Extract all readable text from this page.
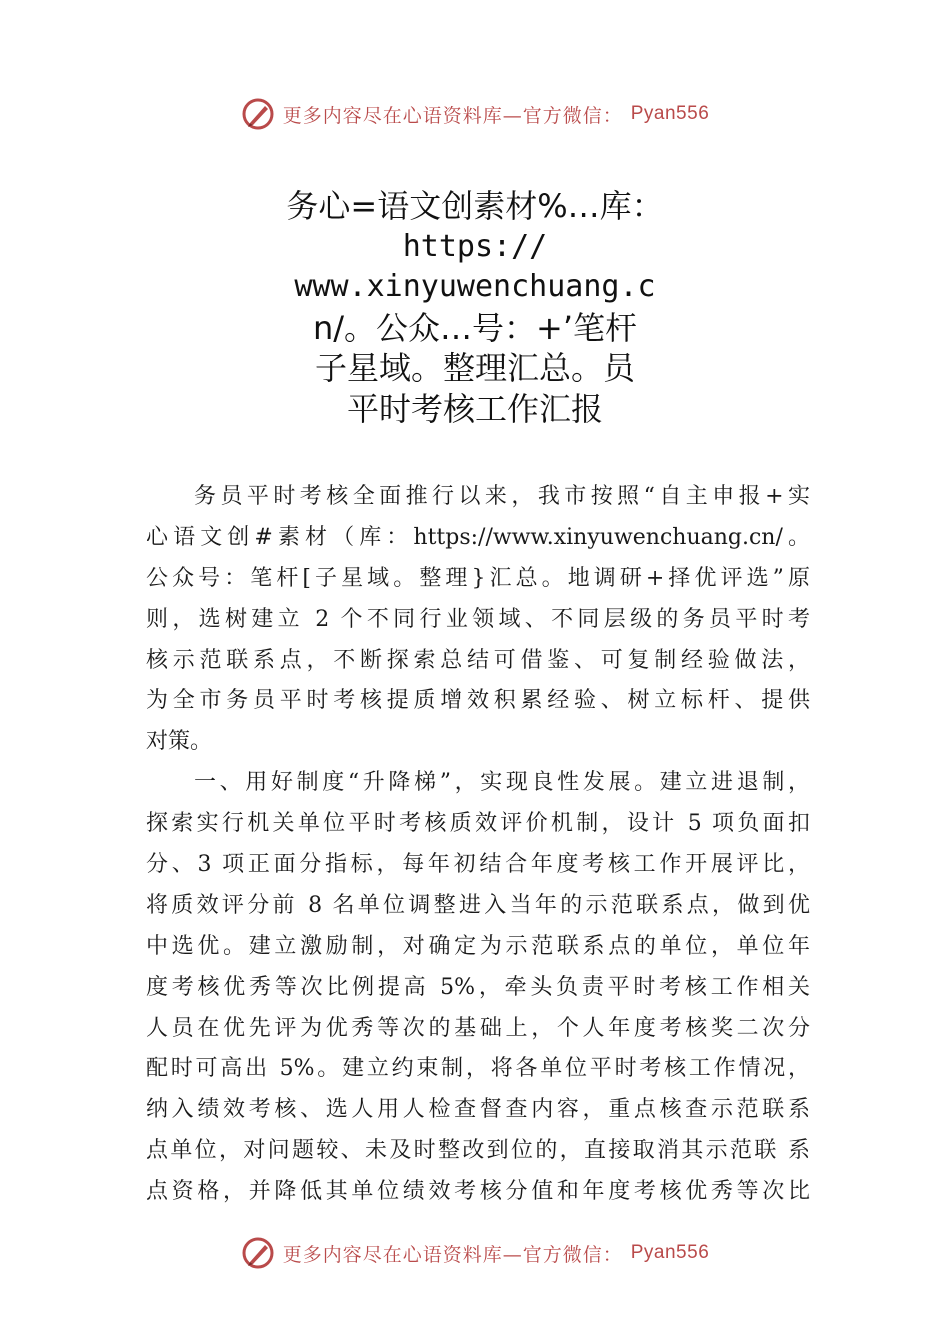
更多内容尽在心语资料库—官方微信： Pyan556
务心=语文创素材%…库：
https://
www.xinyuwenchuang.c
n/。公众…号：+’笔杆
子星域。整理汇总。员
平时考核工作汇报
务员平时考核全面推行以来，我市按照“自主申报+实
心语文创#素材（库：https://www.xinyuwenchuang.cn/。
公众号：笔杆[子星域。整理}汇总。地调研+择优评选”原
则，选树建立 2 个不同行业领域、不同层级的务员平时考
核示范联系点，不断探索总结可借鉴、可复制经验做法，
为全市务员平时考核提质增效积累经验、树立标杆、提供
对策。
一、用好制度“升降梯”，实现良性发展。建立进退制，
探索实行机关单位平时考核质效评价机制，设计 5 项负面扣
分、3 项正面分指标，每年初结合年度考核工作开展评比，
将质效评分前 8 名单位调整进入当年的示范联系点，做到优
中选优。建立激励制，对确定为示范联系点的单位，单位年
度考核优秀等次比例提高 5%，牵头负责平时考核工作相关
人员在优先评为优秀等次的基础上，个人年度考核奖二次分
配时可高出 5%。建立约束制，将各单位平时考核工作情况，
纳入绩效考核、选人用人检查督查内容，重点核查示范联系
点单位，对问题较、未及时整改到位的，直接取消其示范联 系
点资格，并降低其单位绩效考核分值和年度考核优秀等次比
更多内容尽在心语资料库—官方微信： Pyan556
